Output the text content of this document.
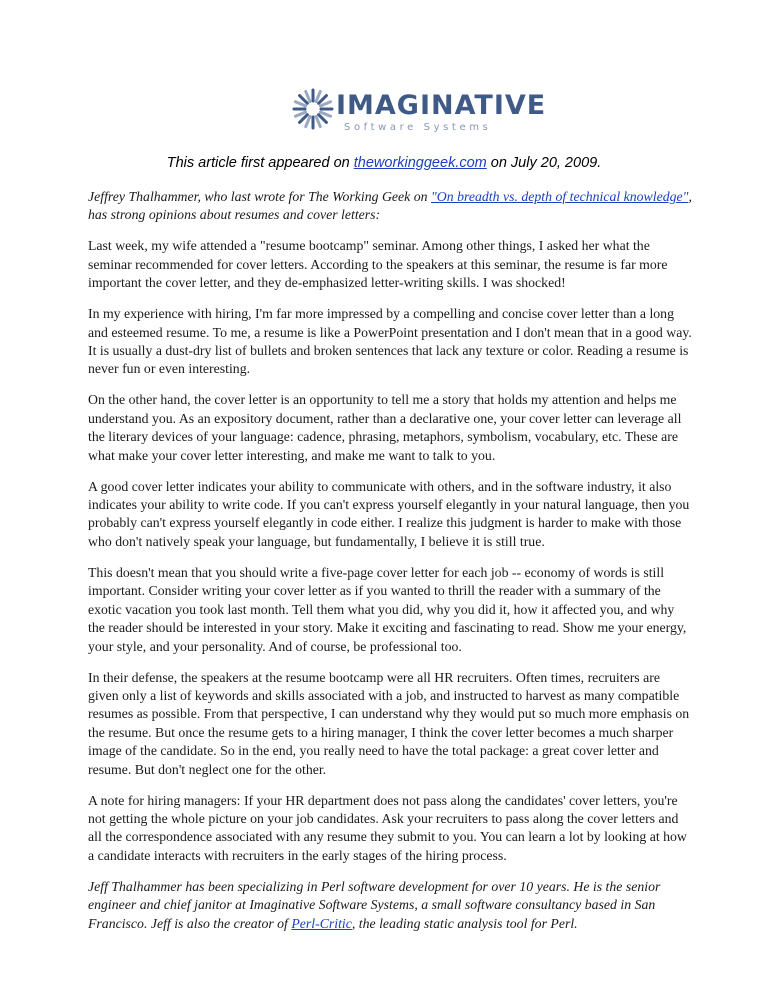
IMAGINATIVE
Software Systems
This article first appeared on theworkinggeek.com on July 20, 2009.

Jeffrey Thalhammer, who last wrote for The Working Geek on "On breadth vs. depth of technical knowledge", has strong opinions about resumes and cover letters:

Last week, my wife attended a "resume bootcamp" seminar. Among other things, I asked her what the seminar recommended for cover letters. According to the speakers at this seminar, the resume is far more important the cover letter, and they de-emphasized letter-writing skills. I was shocked!

In my experience with hiring, I'm far more impressed by a compelling and concise cover letter than a long and esteemed resume. To me, a resume is like a PowerPoint presentation and I don't mean that in a good way. It is usually a dust-dry list of bullets and broken sentences that lack any texture or color. Reading a resume is never fun or even interesting.

On the other hand, the cover letter is an opportunity to tell me a story that holds my attention and helps me understand you. As an expository document, rather than a declarative one, your cover letter can leverage all the literary devices of your language: cadence, phrasing, metaphors, symbolism, vocabulary, etc. These are what make your cover letter interesting, and make me want to talk to you.

A good cover letter indicates your ability to communicate with others, and in the software industry, it also indicates your ability to write code. If you can't express yourself elegantly in your natural language, then you probably can't express yourself elegantly in code either. I realize this judgment is harder to make with those who don't natively speak your language, but fundamentally, I believe it is still true.

This doesn't mean that you should write a five-page cover letter for each job -- economy of words is still important. Consider writing your cover letter as if you wanted to thrill the reader with a summary of the exotic vacation you took last month. Tell them what you did, why you did it, how it affected you, and why the reader should be interested in your story. Make it exciting and fascinating to read. Show me your energy, your style, and your personality. And of course, be professional too.

In their defense, the speakers at the resume bootcamp were all HR recruiters. Often times, recruiters are given only a list of keywords and skills associated with a job, and instructed to harvest as many compatible resumes as possible. From that perspective, I can understand why they would put so much more emphasis on the resume. But once the resume gets to a hiring manager, I think the cover letter becomes a much sharper image of the candidate. So in the end, you really need to have the total package: a great cover letter and resume. But don't neglect one for the other.

A note for hiring managers: If your HR department does not pass along the candidates' cover letters, you're not getting the whole picture on your job candidates. Ask your recruiters to pass along the cover letters and all the correspondence associated with any resume they submit to you. You can learn a lot by looking at how a candidate interacts with recruiters in the early stages of the hiring process.

Jeff Thalhammer has been specializing in Perl software development for over 10 years. He is the senior engineer and chief janitor at Imaginative Software Systems, a small software consultancy based in San Francisco. Jeff is also the creator of Perl-Critic, the leading static analysis tool for Perl.
